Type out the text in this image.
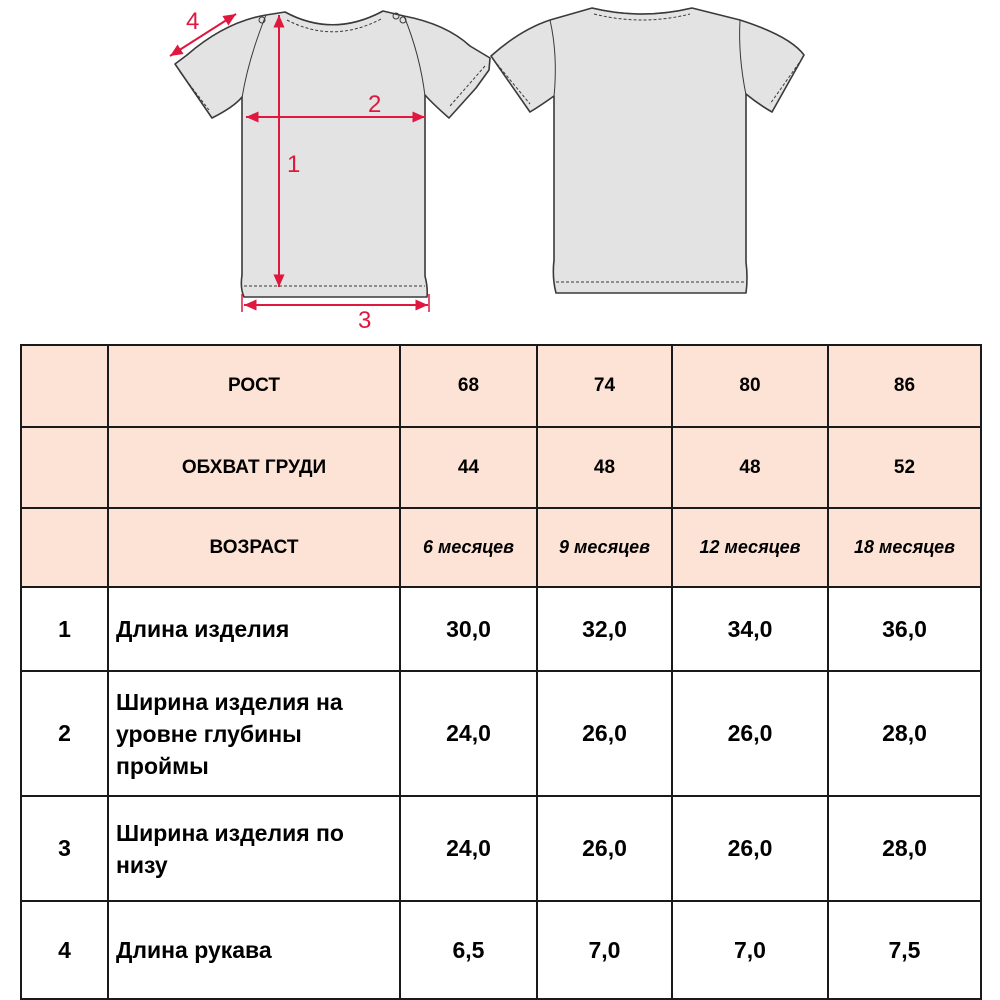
1
2
3
4
	РОСТ	68	74	80	86
	ОБХВАТ ГРУДИ	44	48	48	52
	ВОЗРАСТ	6 месяцев	9 месяцев	12 месяцев	18 месяцев
1	Длина изделия	30,0	32,0	34,0	36,0
2	Ширина изделия на
уровне глубины
проймы	24,0	26,0	26,0	28,0
3	Ширина изделия по
низу	24,0	26,0	26,0	28,0
4	Длина рукава	6,5	7,0	7,0	7,5
